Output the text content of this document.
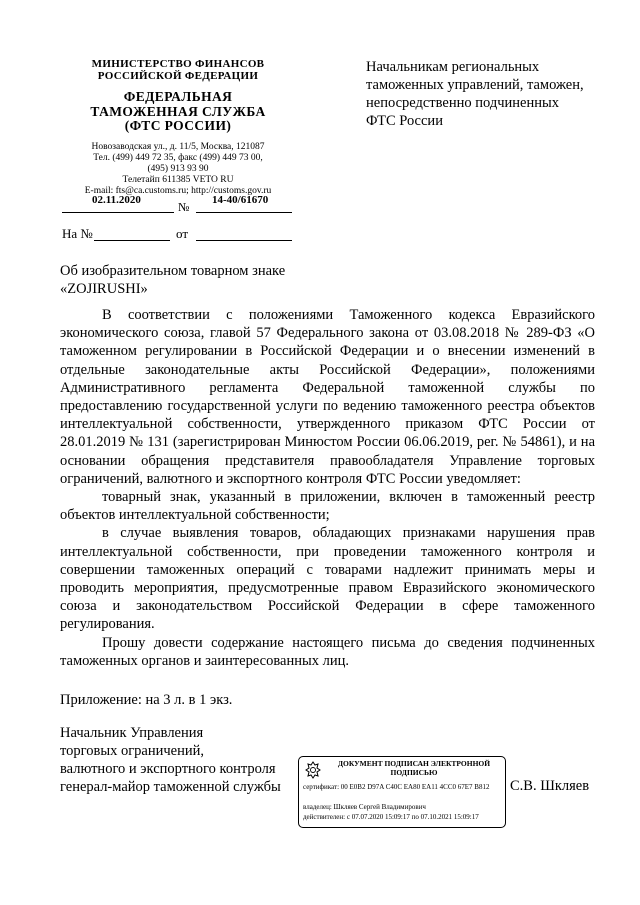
МИНИСТЕРСТВО ФИНАНСОВ
РОССИЙСКОЙ ФЕДЕРАЦИИ
ФЕДЕРАЛЬНАЯ
ТАМОЖЕННАЯ СЛУЖБА
(ФТС РОССИИ)
Новозаводская ул., д. 11/5, Москва, 121087
Тел. (499) 449 72 35, факс (499) 449 73 00,
(495) 913 93 90
Телетайп 611385 VETO RU
E-mail: fts@ca.customs.ru; http://customs.gov.ru
02.11.2020	№ 14-40/61670
На №	от
Начальникам региональных таможенных управлений, таможен, непосредственно подчиненных ФТС России
Об изобразительном товарном знаке «ZOJIRUSHI»

В соответствии с положениями Таможенного кодекса Евразийского экономического союза, главой 57 Федерального закона от 03.08.2018 № 289-ФЗ «О таможенном регулировании в Российской Федерации и о внесении изменений в отдельные законодательные акты Российской Федерации», положениями Административного регламента Федеральной таможенной службы по предоставлению государственной услуги по ведению таможенного реестра объектов интеллектуальной собственности, утвержденного приказом ФТС России от 28.01.2019 № 131 (зарегистрирован Минюстом России 06.06.2019, рег. № 54861), и на основании обращения представителя правообладателя Управление торговых ограничений, валютного и экспортного контроля ФТС России уведомляет:

товарный знак, указанный в приложении, включен в таможенный реестр объектов интеллектуальной собственности;

в случае выявления товаров, обладающих признаками нарушения прав интеллектуальной собственности, при проведении таможенного контроля и совершении таможенных операций с товарами надлежит принимать меры и проводить мероприятия, предусмотренные правом Евразийского экономического союза и законодательством Российской Федерации в сфере таможенного регулирования.

Прошу довести содержание настоящего письма до сведения подчиненных таможенных органов и заинтересованных лиц.

Приложение: на 3 л. в 1 экз.
Начальник Управления
торговых ограничений,
валютного и экспортного контроля
генерал-майор таможенной службы
ДОКУМЕНТ ПОДПИСАН ЭЛЕКТРОННОЙ ПОДПИСЬЮ
сертификат: 00 E0B2 D97A C40C EA80 EA11 4CC0 67E7 B812
владелец: Шкляев Сергей Владимирович
действителен: с 07.07.2020 15:09:17 по 07.10.2021 15:09:17
С.В. Шкляев
